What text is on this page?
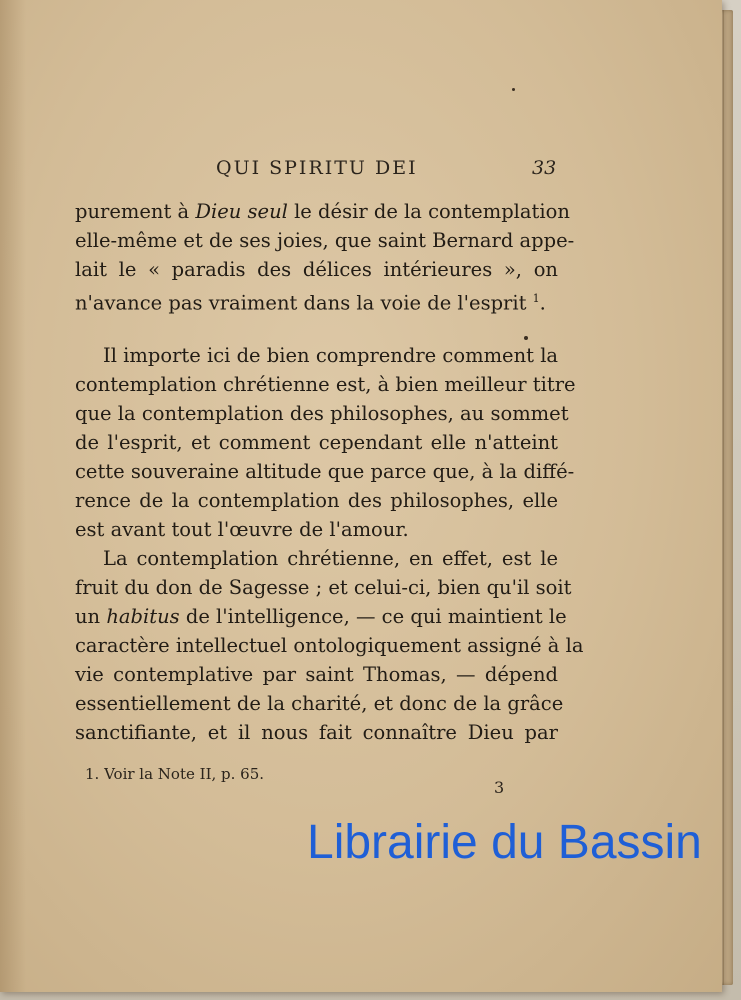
QUI SPIRITU DEI	33
purement à Dieu seul le désir de la contemplation
elle-même et de ses joies, que saint Bernard appe-
lait le « paradis des délices intérieures », on
n'avance pas vraiment dans la voie de l'esprit $^1$.
Il importe ici de bien comprendre comment la
contemplation chrétienne est, à bien meilleur titre
que la contemplation des philosophes, au sommet
de l'esprit, et comment cependant elle n'atteint
cette souveraine altitude que parce que, à la diffé-
rence de la contemplation des philosophes, elle
est avant tout l'œuvre de l'amour.
La contemplation chrétienne, en effet, est le
fruit du don de Sagesse ; et celui-ci, bien qu'il soit
un habitus de l'intelligence, — ce qui maintient le
caractère intellectuel ontologiquement assigné à la
vie contemplative par saint Thomas, — dépend
essentiellement de la charité, et donc de la grâce
sanctifiante, et il nous fait connaître Dieu par
1. Voir la Note II, p. 65.
3
Librairie du Bassin
